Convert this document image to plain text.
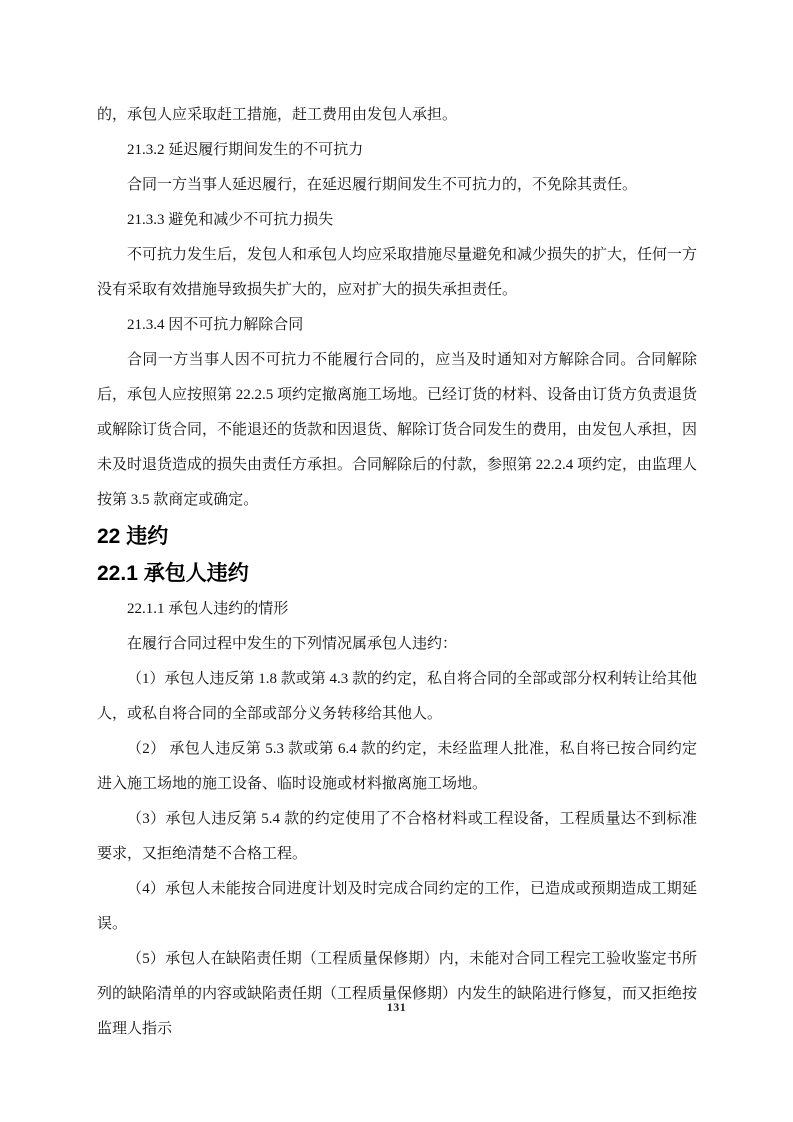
的，承包人应采取赶工措施，赶工费用由发包人承担。

21.3.2 延迟履行期间发生的不可抗力

合同一方当事人延迟履行，在延迟履行期间发生不可抗力的，不免除其责任。

21.3.3 避免和减少不可抗力损失

不可抗力发生后，发包人和承包人均应采取措施尽量避免和减少损失的扩大，任何一方没有采取有效措施导致损失扩大的，应对扩大的损失承担责任。

21.3.4 因不可抗力解除合同

合同一方当事人因不可抗力不能履行合同的，应当及时通知对方解除合同。合同解除后，承包人应按照第 22.2.5 项约定撤离施工场地。已经订货的材料、设备由订货方负责退货或解除订货合同，不能退还的货款和因退货、解除订货合同发生的费用，由发包人承担，因未及时退货造成的损失由责任方承担。合同解除后的付款，参照第 22.2.4 项约定，由监理人按第 3.5 款商定或确定。

22 违约
22.1 承包人违约

22.1.1 承包人违约的情形

在履行合同过程中发生的下列情况属承包人违约：

（1）承包人违反第 1.8 款或第 4.3 款的约定，私自将合同的全部或部分权利转让给其他人，或私自将合同的全部或部分义务转移给其他人。

（2） 承包人违反第 5.3 款或第 6.4 款的约定，未经监理人批准，私自将已按合同约定进入施工场地的施工设备、临时设施或材料撤离施工场地。

（3）承包人违反第 5.4 款的约定使用了不合格材料或工程设备，工程质量达不到标准要求，又拒绝清楚不合格工程。

（4）承包人未能按合同进度计划及时完成合同约定的工作，已造成或预期造成工期延误。

（5）承包人在缺陷责任期（工程质量保修期）内，未能对合同工程完工验收鉴定书所列的缺陷清单的内容或缺陷责任期（工程质量保修期）内发生的缺陷进行修复，而又拒绝按监理人指示

131
